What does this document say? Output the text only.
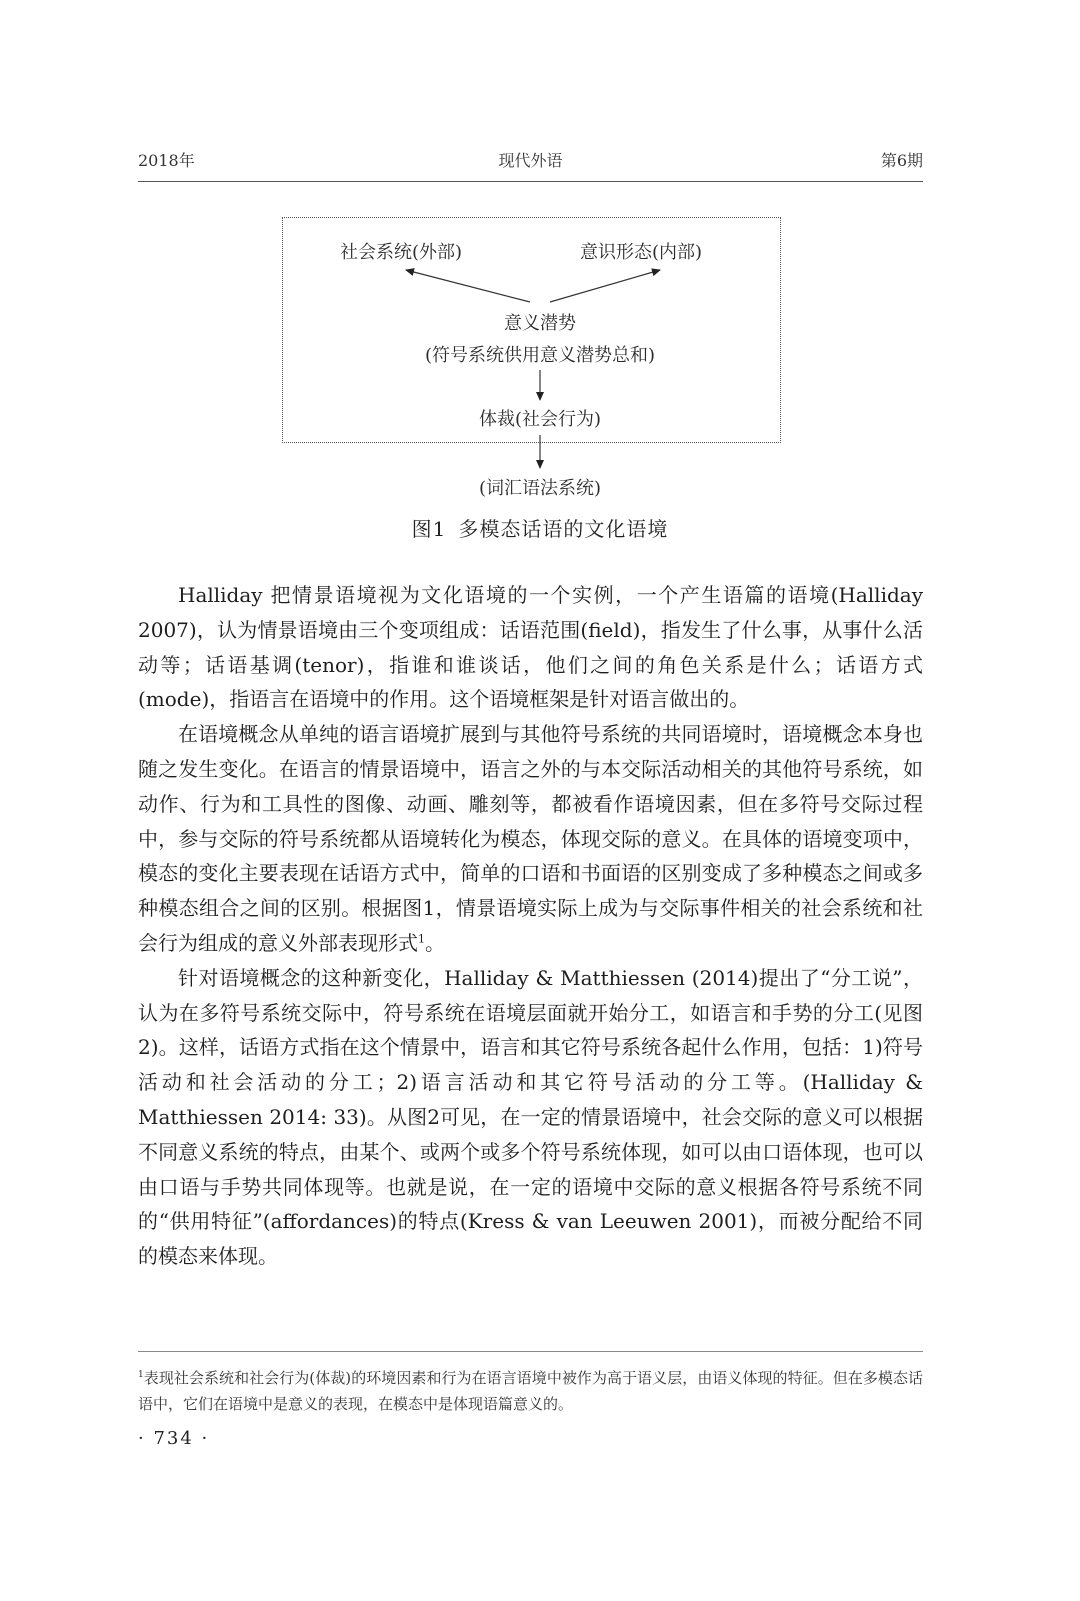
2018年	现代外语	第6期
社会系统(外部)	意识形态(内部)
意义潜势
(符号系统供用意义潜势总和)
体裁(社会行为)
(词汇语法系统)
图1 多模态话语的文化语境

Halliday 把情景语境视为文化语境的一个实例，一个产生语篇的语境(Halliday 2007)，认为情景语境由三个变项组成：话语范围(field)，指发生了什么事，从事什么活动等；话语基调(tenor)，指谁和谁谈话，他们之间的角色关系是什么；话语方式(mode)，指语言在语境中的作用。这个语境框架是针对语言做出的。

在语境概念从单纯的语言语境扩展到与其他符号系统的共同语境时，语境概念本身也随之发生变化。在语言的情景语境中，语言之外的与本交际活动相关的其他符号系统，如动作、行为和工具性的图像、动画、雕刻等，都被看作语境因素，但在多符号交际过程中，参与交际的符号系统都从语境转化为模态，体现交际的意义。在具体的语境变项中，模态的变化主要表现在话语方式中，简单的口语和书面语的区别变成了多种模态之间或多种模态组合之间的区别。根据图1，情景语境实际上成为与交际事件相关的社会系统和社会行为组成的意义外部表现形式$^1$。

针对语境概念的这种新变化，Halliday & Matthiessen (2014)提出了“分工说”，认为在多符号系统交际中，符号系统在语境层面就开始分工，如语言和手势的分工(见图2)。这样，话语方式指在这个情景中，语言和其它符号系统各起什么作用，包括：1)符号活动和社会活动的分工；2)语言活动和其它符号活动的分工等。(Halliday & Matthiessen 2014: 33)。从图2可见，在一定的情景语境中，社会交际的意义可以根据不同意义系统的特点，由某个、或两个或多个符号系统体现，如可以由口语体现，也可以由口语与手势共同体现等。也就是说，在一定的语境中交际的意义根据各符号系统不同的“供用特征”(affordances)的特点(Kress & van Leeuwen 2001)，而被分配给不同的模态来体现。

$^1$表现社会系统和社会行为(体裁)的环境因素和行为在语言语境中被作为高于语义层，由语义体现的特征。但在多模态话语中，它们在语境中是意义的表现，在模态中是体现语篇意义的。
· 734 ·
